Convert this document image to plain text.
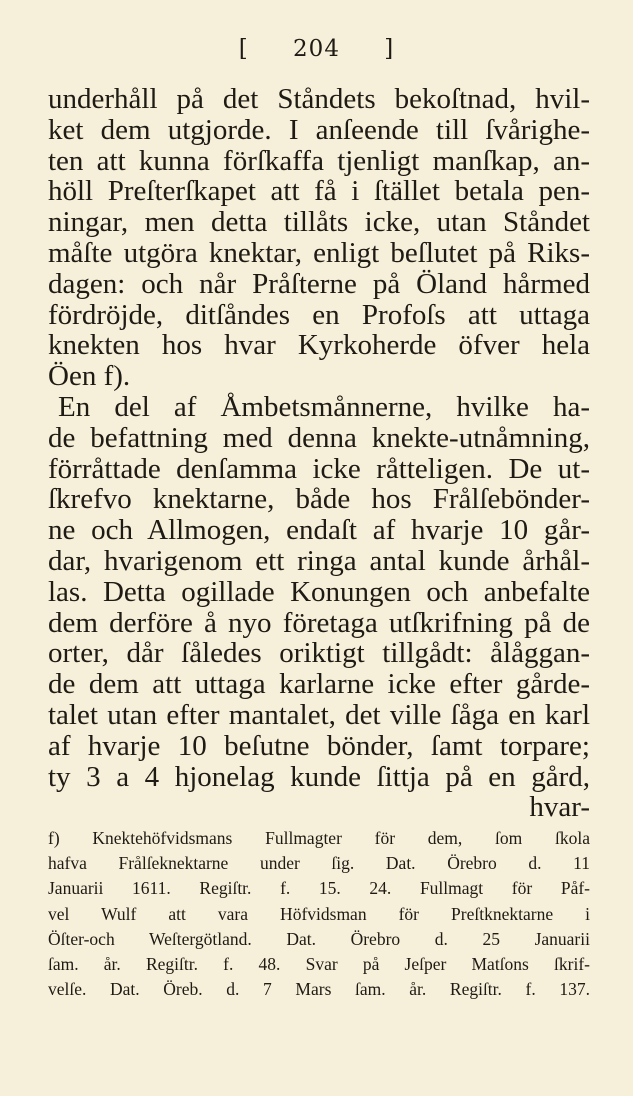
[ 204 ]
underhåll på det Ståndets bekoſtnad, hvil-
ket dem utgjorde. I anſeende till ſvårighe-
ten att kunna förſkaffa tjenligt manſkap, an-
höll Preſterſkapet att få i ſtället betala pen-
ningar, men detta tillåts icke, utan Ståndet
måſte utgöra knektar, enligt beſlutet på Riks-
dagen: och når Pråſterne på Öland hårmed
fördröjde, ditſåndes en Profoſs att uttaga
knekten hos hvar Kyrkoherde öfver hela
Öen f).
En del af Åmbetsmånnerne, hvilke ha-
de befattning med denna knekte-utnåmning,
förråttade denſamma icke råtteligen. De ut-
ſkrefvo knektarne, både hos Frålſebönder-
ne och Allmogen, endaſt af hvarje 10 går-
dar, hvarigenom ett ringa antal kunde århål-
las. Detta ogillade Konungen och anbefalte
dem derföre å nyo företaga utſkrifning på de
orter, dår ſåledes oriktigt tillgådt: ålåggan-
de dem att uttaga karlarne icke efter gårde-
talet utan efter mantalet, det ville ſåga en karl
af hvarje 10 beſutne bönder, ſamt torpare;
ty 3 a 4 hjonelag kunde ſittja på en gård,
hvar-
f) Knektehöfvidsmans Fullmagter för dem, ſom ſkola
hafva Frålſeknektarne under ſig. Dat. Örebro d. 11
Januarii 1611. Regiſtr. f. 15. 24. Fullmagt för Påf-
vel Wulf att vara Höfvidsman för Preſtknektarne i
Öſter-och Weſtergötland. Dat. Örebro d. 25 Januarii
ſam. år. Regiſtr. f. 48. Svar på Jeſper Matſons ſkrif-
velſe. Dat. Öreb. d. 7 Mars ſam. år. Regiſtr. f. 137.
